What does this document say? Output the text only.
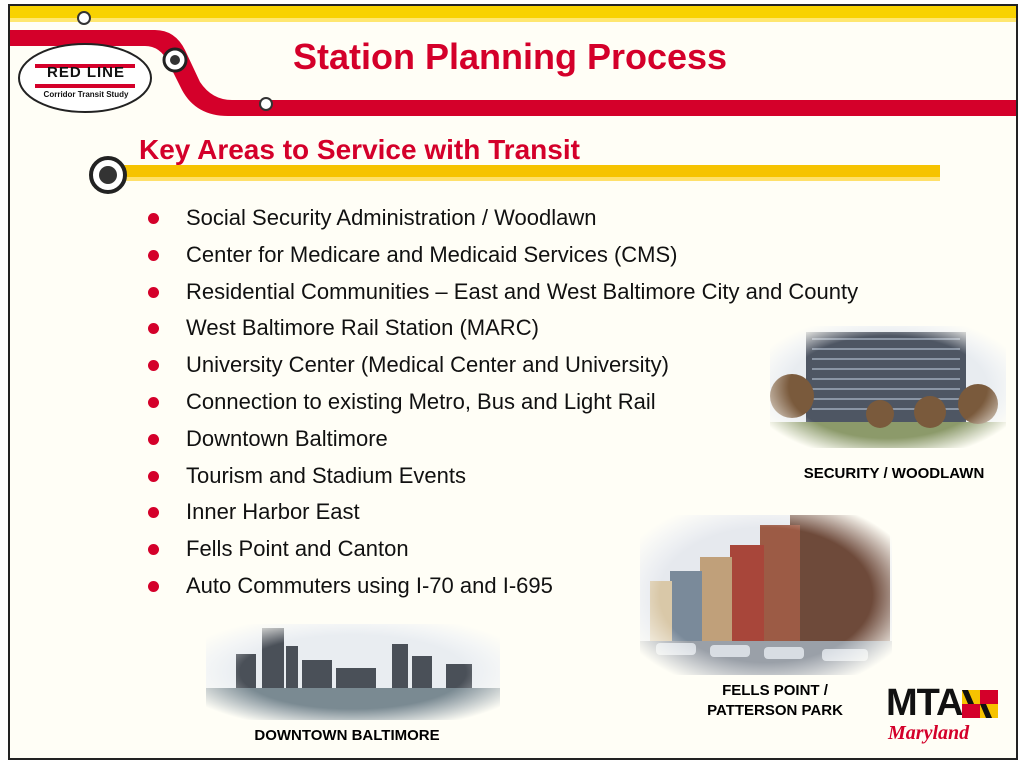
RED LINE
Corridor Transit Study
Station Planning Process
Key Areas to Service with Transit
Social Security Administration / Woodlawn
Center for Medicare and Medicaid Services (CMS)
Residential Communities – East and West Baltimore City and County
West Baltimore Rail Station (MARC)
University Center (Medical Center and University)
Connection to existing Metro, Bus and Light Rail
Downtown Baltimore
Tourism and Stadium Events
Inner Harbor East
Fells Point and Canton
Auto Commuters using I-70 and I-695
SECURITY / WOODLAWN
FELLS POINT /
PATTERSON PARK
DOWNTOWN BALTIMORE
MTA
Maryland
